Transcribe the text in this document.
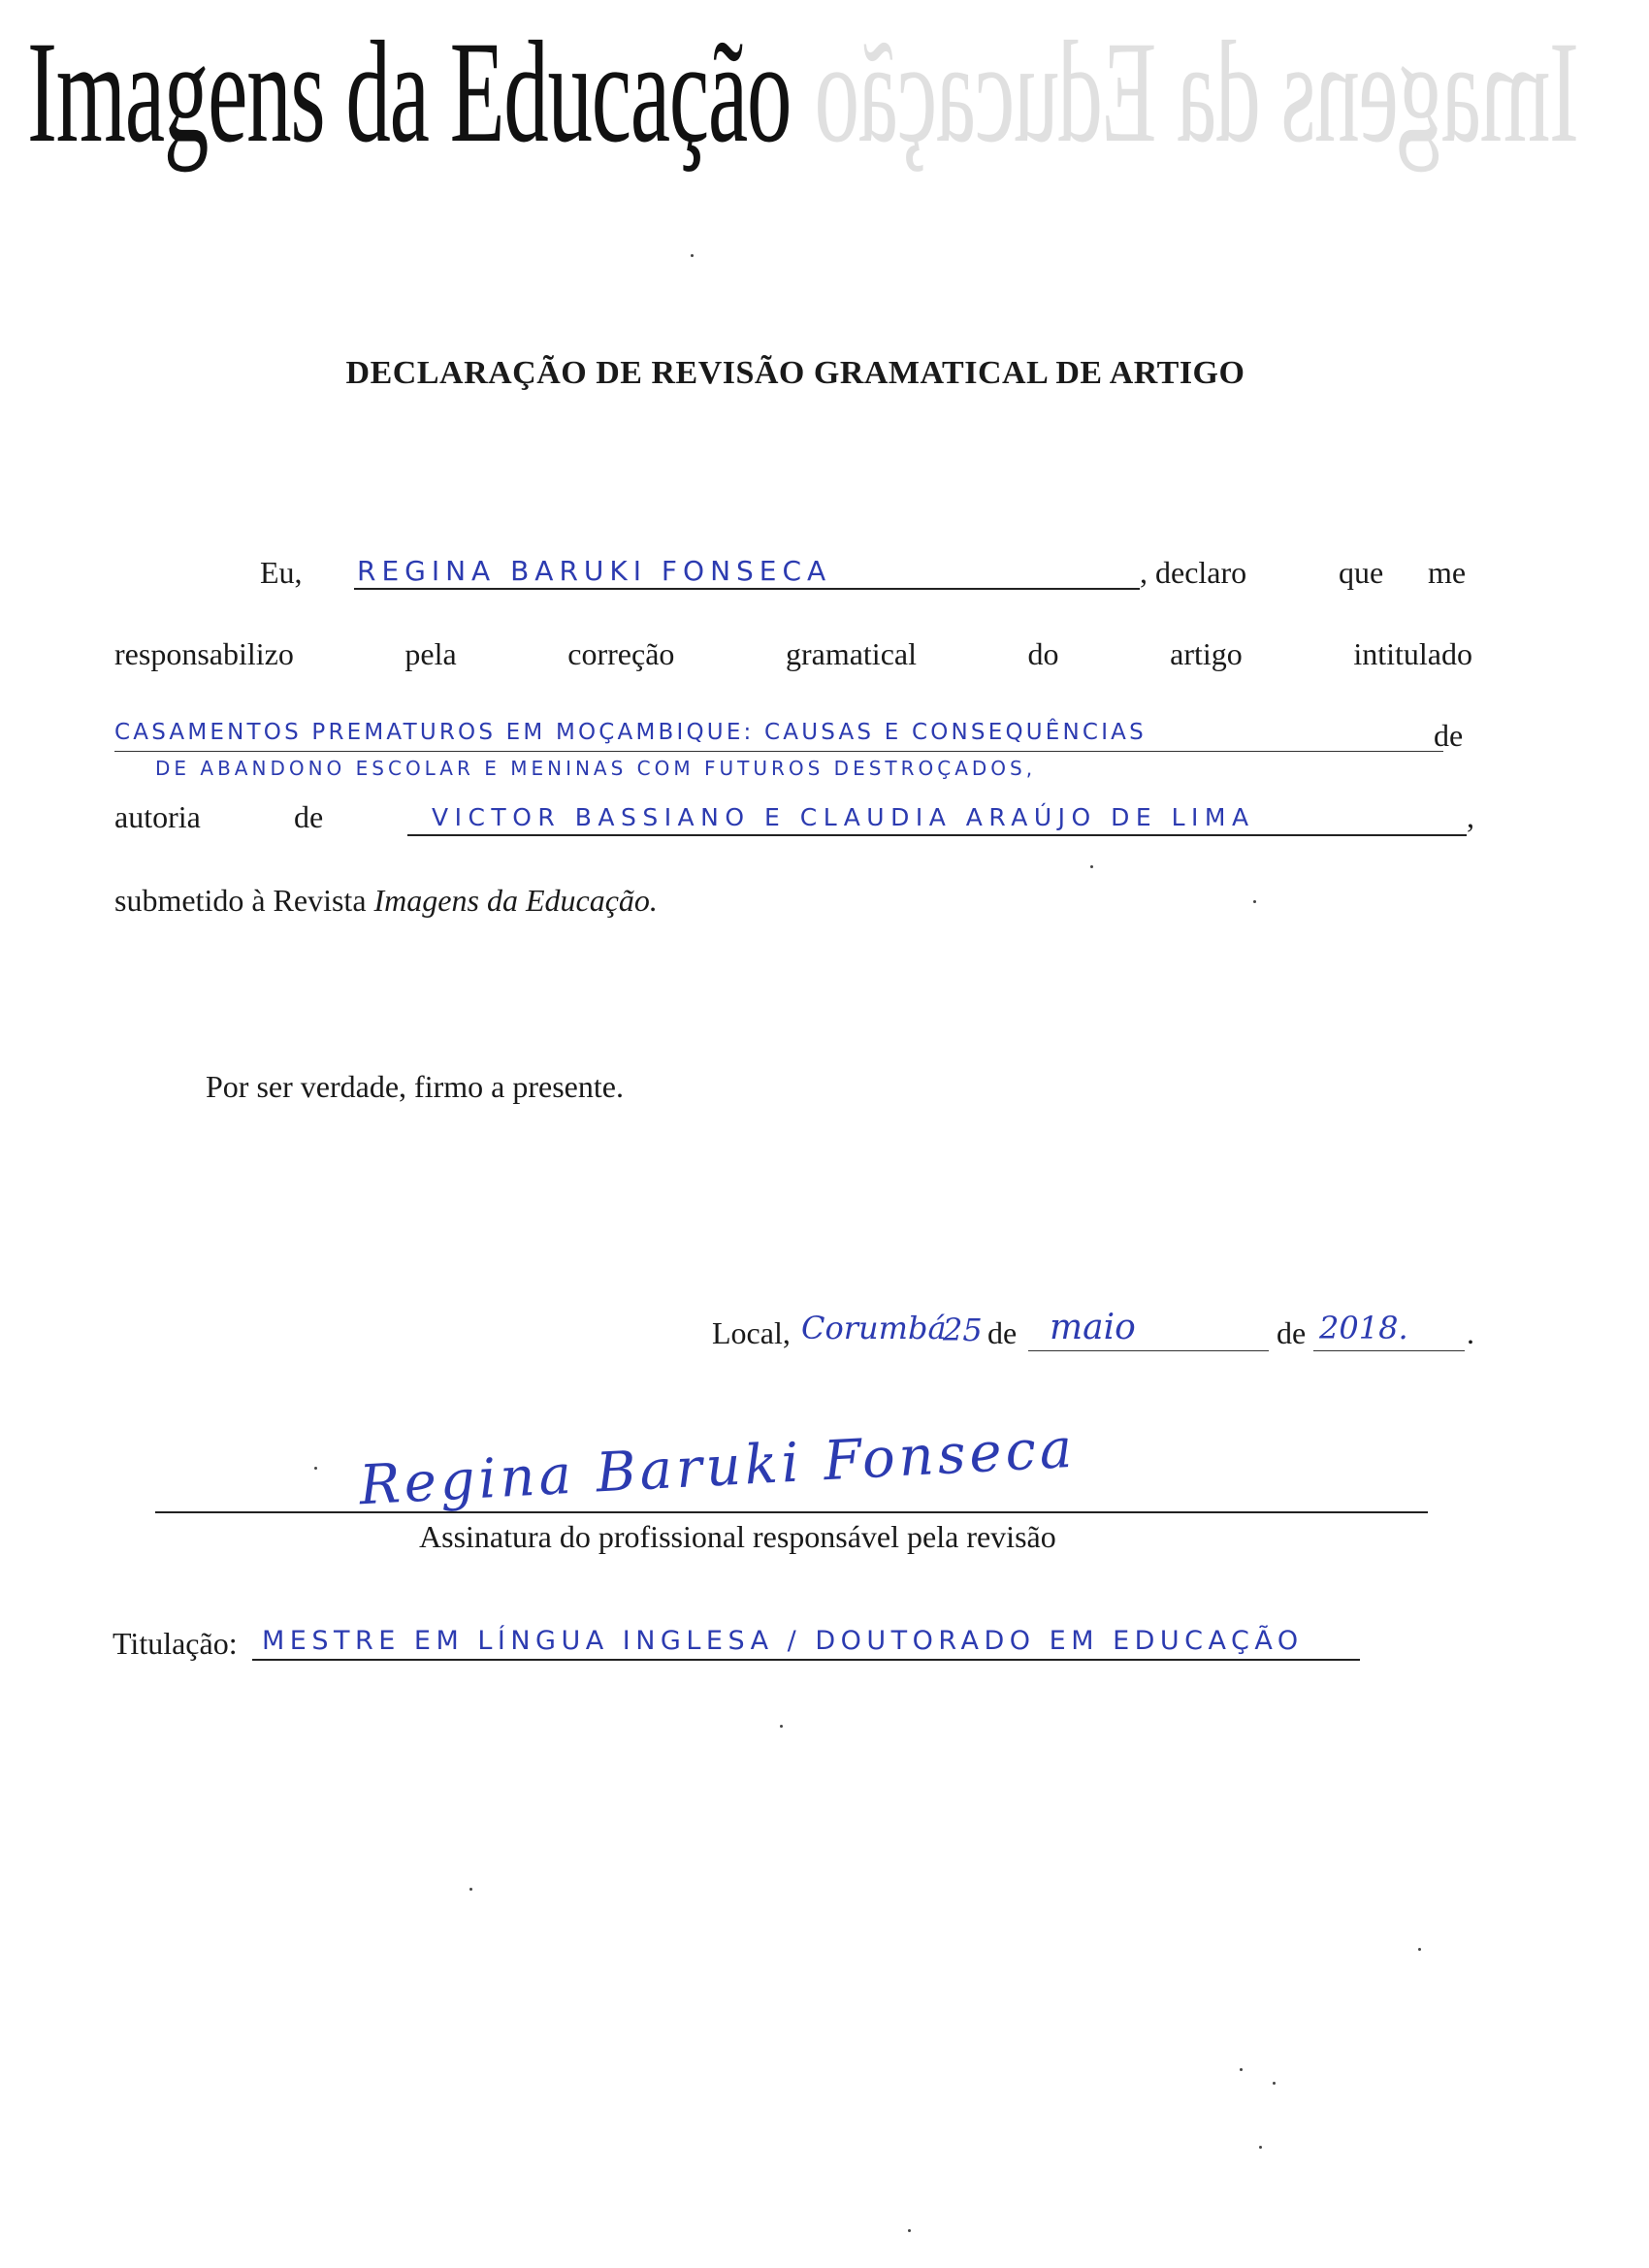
Imagens da Educação Imagens da Educação
DECLARAÇÃO DE REVISÃO GRAMATICAL DE ARTIGO
Eu, REGINA BARUKI FONSECA	, declaro	que me
responsabilizo	pela	correção	gramatical	do	artigo	intitulado
CASAMENTOS PREMATUROS EM MOÇAMBIQUE: CAUSAS E CONSEQUÊNCIAS	de
DE ABANDONO ESCOLAR E MENINAS COM FUTUROS DESTROÇADOS,
autoria	de	VICTOR BASSIANO E CLAUDIA ARAÚJO DE LIMA	,
submetido à Revista Imagens da Educação.
Por ser verdade, firmo a presente.
Local, Corumbá
25 de maio	de 2018. .
Regina Baruki Fonseca
Assinatura do profissional responsável pela revisão
Titulação: MESTRE EM LÍNGUA INGLESA / DOUTORADO EM EDUCAÇÃO
